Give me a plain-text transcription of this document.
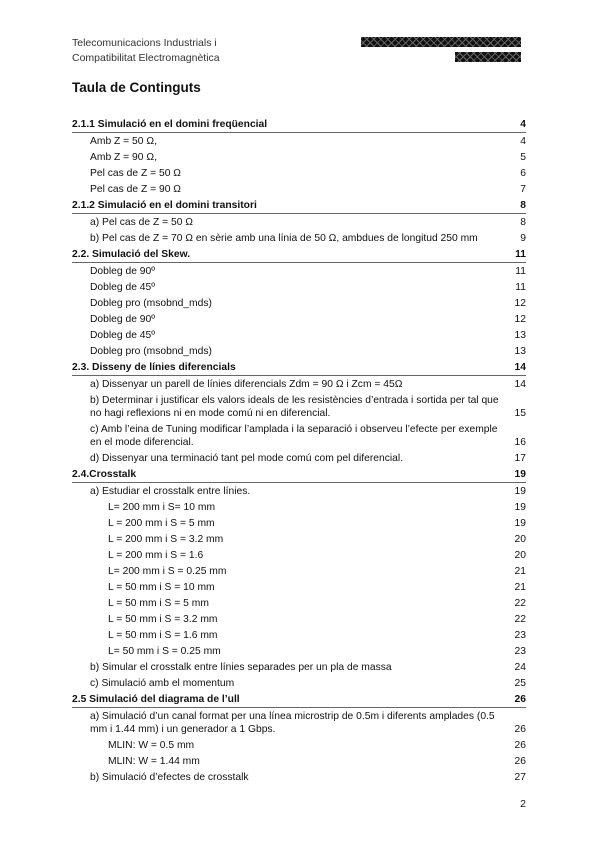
Telecomunicacions Industrials i
Compatibilitat Electromagnètica
Taula de Continguts
2.1.1 Simulació en el domini freqüencial	4
Amb Z = 50 Ω,	4
Amb Z = 90 Ω,	5
Pel cas de Z = 50 Ω	6
Pel cas de Z = 90 Ω	7
2.1.2 Simulació en el domini transitori	8
a) Pel cas de Z = 50 Ω	8
b) Pel cas de Z = 70 Ω en sèrie amb una línia de 50 Ω, ambdues de longitud 250 mm	9
2.2. Simulació del Skew.	11
Dobleg de 90º	11
Dobleg de 45º	11
Dobleg pro (msobnd_mds)	12
Dobleg de 90º	12
Dobleg de 45º	13
Dobleg pro (msobnd_mds)	13
2.3. Disseny de línies diferencials	14
a) Dissenyar un parell de línies diferencials Zdm = 90 Ω i Zcm = 45Ω	14
b) Determinar i justificar els valors ideals de les resistències d’entrada i sortida per tal que no hagi reflexions ni en mode comú ni en diferencial.	15
c) Amb l’eina de Tuning modificar l’amplada i la separació i observeu l’efecte per exemple en el mode diferencial.	16
d) Dissenyar una terminació tant pel mode comú com pel diferencial.	17
2.4.Crosstalk	19
a) Estudiar el crosstalk entre línies.	19
L= 200 mm i S= 10 mm	19
L = 200 mm i S = 5 mm	19
L = 200 mm i S = 3.2 mm	20
L = 200 mm i S = 1.6	20
L= 200 mm i S = 0.25 mm	21
L = 50 mm i S = 10 mm	21
L = 50 mm i S = 5 mm	22
L = 50 mm i S = 3.2 mm	22
L = 50 mm i S = 1.6 mm	23
L= 50 mm i S = 0.25 mm	23
b) Simular el crosstalk entre línies separades per un pla de massa	24
c) Simulació amb el momentum	25
2.5 Simulació del diagrama de l’ull	26
a) Simulació d’un canal format per una línea microstrip de 0.5m i diferents amplades (0.5 mm i 1.44 mm) i un generador a 1 Gbps.	26
MLIN: W = 0.5 mm	26
MLIN: W = 1.44 mm	26
b) Simulació d’efectes de crosstalk	27
2
